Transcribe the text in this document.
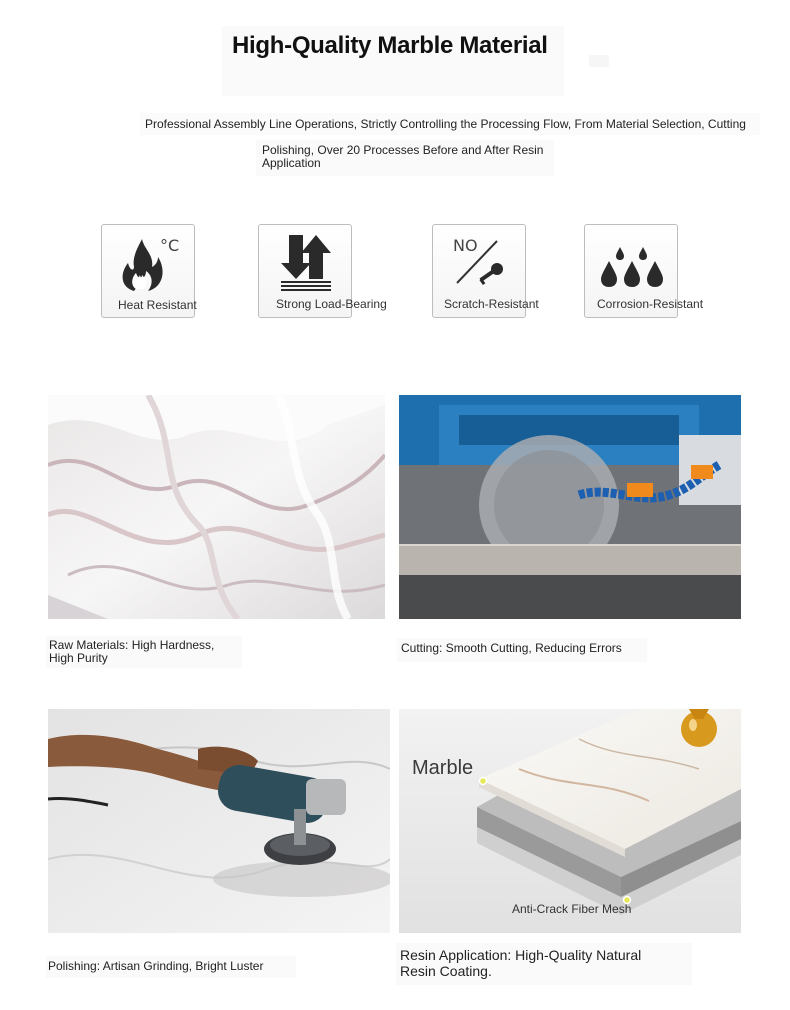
High-Quality Marble Material
Professional Assembly Line Operations, Strictly Controlling the Processing Flow, From Material Selection, Cutting
Polishing, Over 20 Processes Before and After Resin Application
°C
Heat Resistant	Strong Load-Bearing
NO
Scratch-Resistant	Corrosion-Resistant
Raw Materials: High Hardness, High Purity
Cutting: Smooth Cutting, Reducing Errors
Marble
Anti-Crack Fiber Mesh
Polishing: Artisan Grinding, Bright Luster
Resin Application: High-Quality Natural Resin Coating.
